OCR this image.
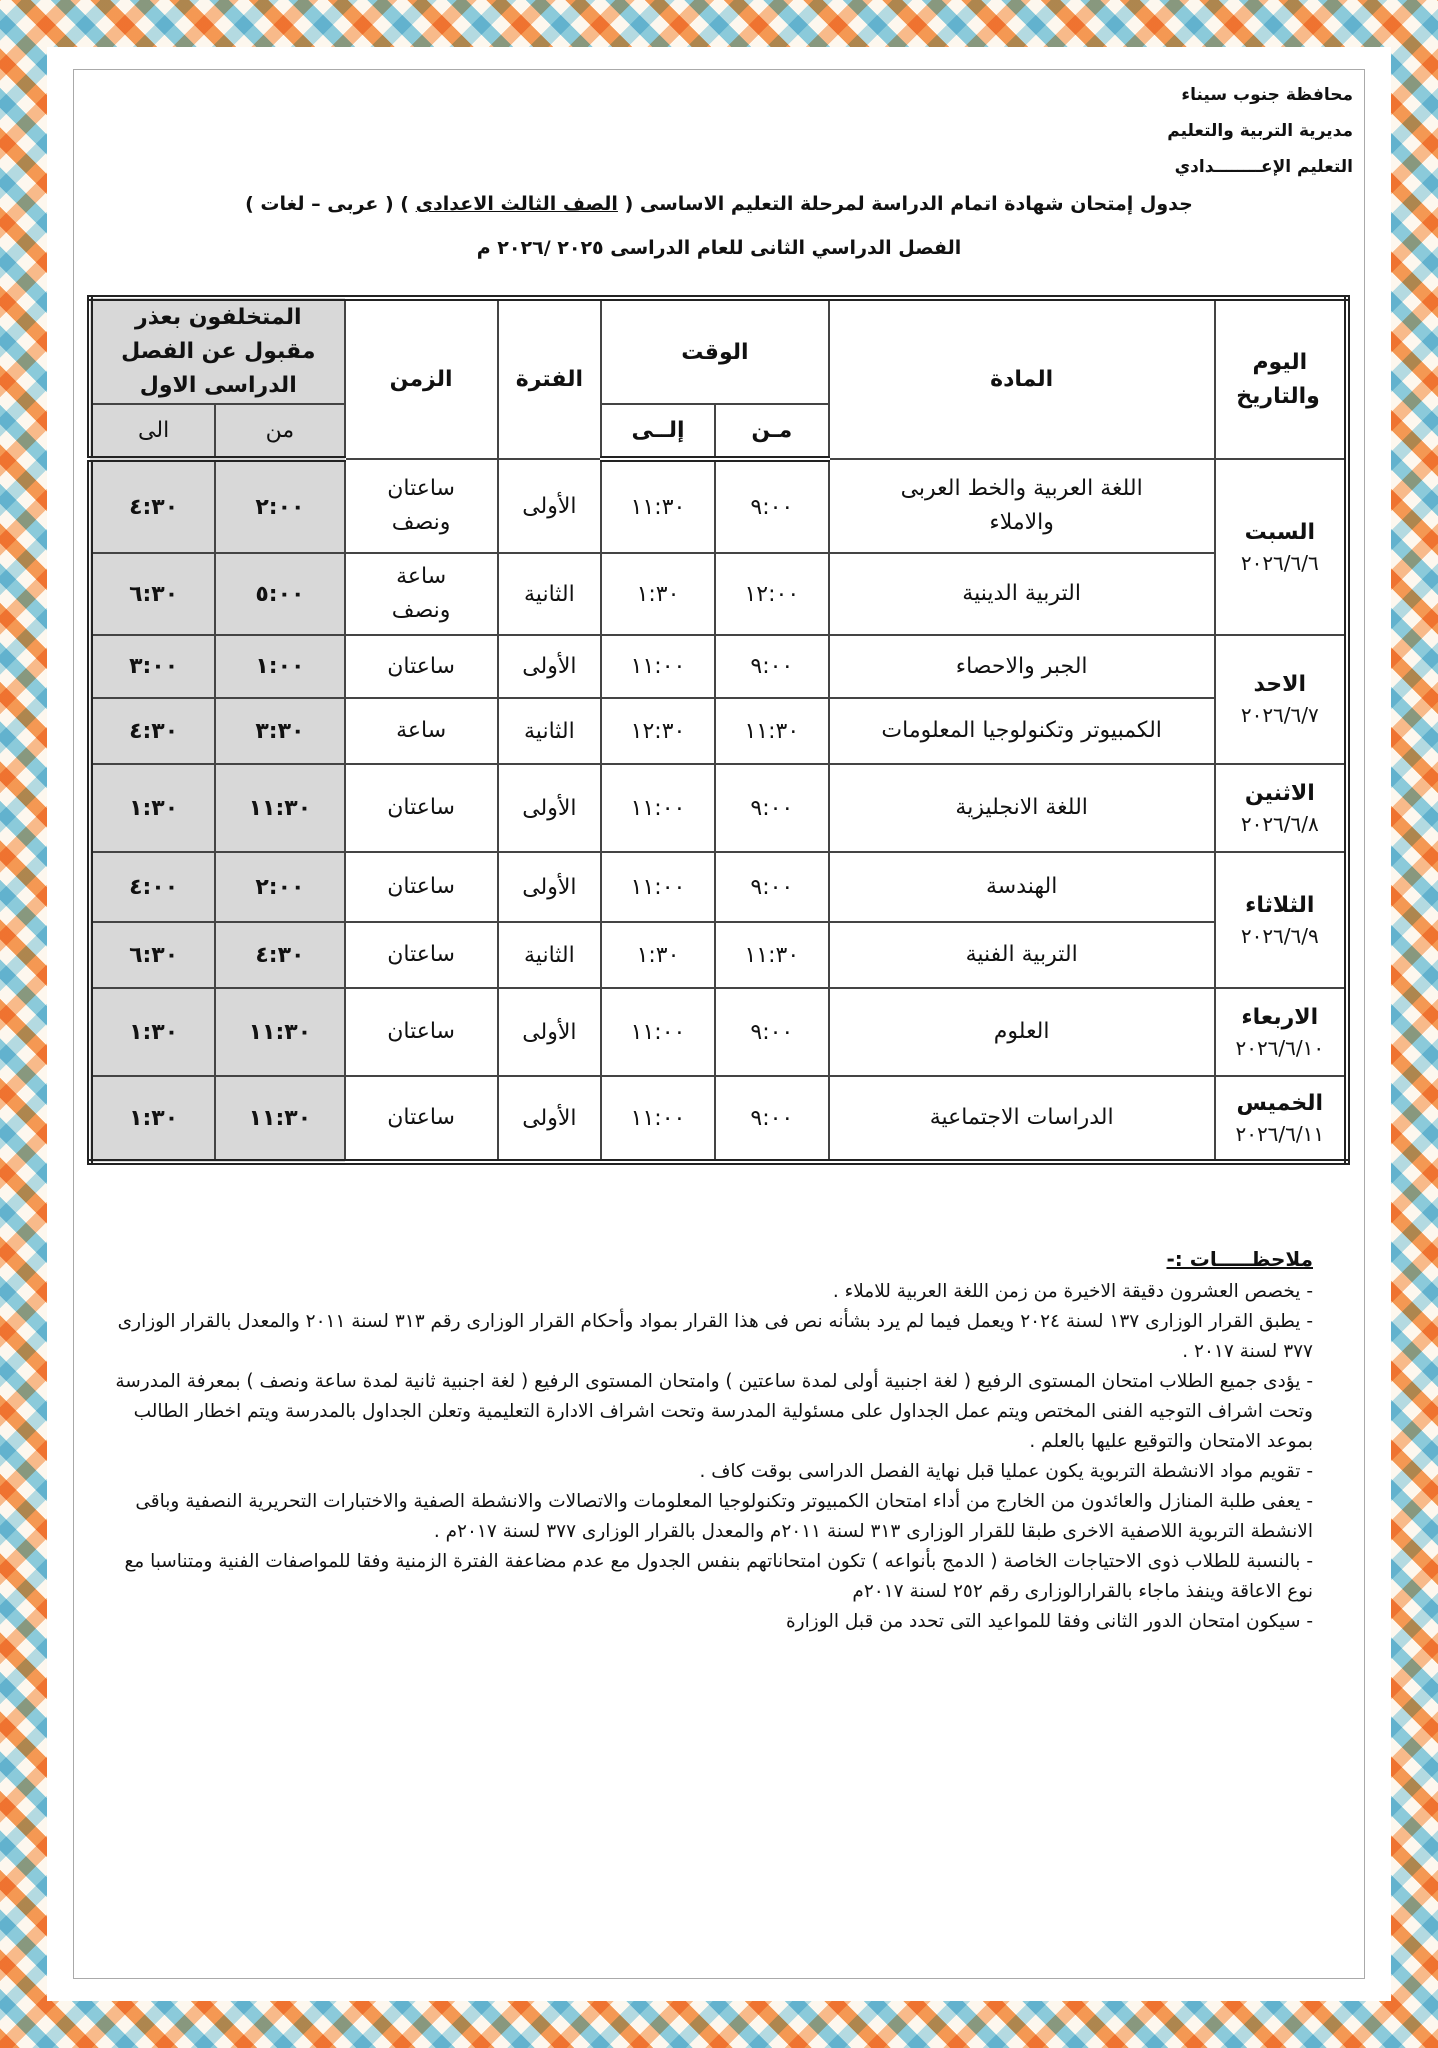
محافظة جنوب سيناء
مديرية التربية والتعليم
التعليم الإعــــــــدادي
جدول إمتحان شهادة اتمام الدراسة لمرحلة التعليم الاساسى ( الصف الثالث الاعدادى ) ( عربى – لغات )
الفصل الدراسي الثانى للعام الدراسى ٢٠٢٥ /٢٠٢٦ م
اليوم والتاريخ	المادة	الوقت		الفترة	الزمن	المتخلفون بعذر مقبول عن الفصل الدراسى الاول	
		مـن	إلــى			من	الى
السبت
٢٠٢٦/٦/٦	اللغة العربية والخط العربى والاملاء	٩:٠٠	١١:٣٠	الأولى	ساعتان ونصف	٢:٠٠	٤:٣٠
	التربية الدينية	١٢:٠٠	١:٣٠	الثانية	ساعة ونصف	٥:٠٠	٦:٣٠
الاحد
٢٠٢٦/٦/٧	الجبر والاحصاء	٩:٠٠	١١:٠٠	الأولى	ساعتان	١:٠٠	٣:٠٠
	الكمبيوتر وتكنولوجيا المعلومات	١١:٣٠	١٢:٣٠	الثانية	ساعة	٣:٣٠	٤:٣٠
الاثنين
٢٠٢٦/٦/٨	اللغة الانجليزية	٩:٠٠	١١:٠٠	الأولى	ساعتان	١١:٣٠	١:٣٠
الثلاثاء
٢٠٢٦/٦/٩	الهندسة	٩:٠٠	١١:٠٠	الأولى	ساعتان	٢:٠٠	٤:٠٠
	التربية الفنية	١١:٣٠	١:٣٠	الثانية	ساعتان	٤:٣٠	٦:٣٠
الاربعاء
٢٠٢٦/٦/١٠	العلوم	٩:٠٠	١١:٠٠	الأولى	ساعتان	١١:٣٠	١:٣٠
الخميس
٢٠٢٦/٦/١١	الدراسات الاجتماعية	٩:٠٠	١١:٠٠	الأولى	ساعتان	١١:٣٠	١:٣٠
ملاحظـــــات :-
- يخصص العشرون دقيقة الاخيرة من زمن اللغة العربية للاملاء .
- يطبق القرار الوزارى ١٣٧ لسنة ٢٠٢٤ ويعمل فيما لم يرد بشأنه نص فى هذا القرار بمواد وأحكام القرار الوزارى رقم ٣١٣ لسنة ٢٠١١ والمعدل بالقرار الوزارى ٣٧٧ لسنة ٢٠١٧ .
- يؤدى جميع الطلاب امتحان المستوى الرفيع ( لغة اجنبية أولى لمدة ساعتين ) وامتحان المستوى الرفيع ( لغة اجنبية ثانية لمدة ساعة ونصف ) بمعرفة المدرسة وتحت اشراف التوجيه الفنى المختص ويتم عمل الجداول على مسئولية المدرسة وتحت اشراف الادارة التعليمية وتعلن الجداول بالمدرسة ويتم اخطار الطالب بموعد الامتحان والتوقيع عليها بالعلم .
- تقويم مواد الانشطة التربوية يكون عمليا قبل نهاية الفصل الدراسى بوقت كاف .
- يعفى طلبة المنازل والعائدون من الخارج من أداء امتحان الكمبيوتر وتكنولوجيا المعلومات والاتصالات والانشطة الصفية والاختبارات التحريرية النصفية وباقى الانشطة التربوية اللاصفية الاخرى طبقا للقرار الوزارى ٣١٣ لسنة ٢٠١١م والمعدل بالقرار الوزارى ٣٧٧ لسنة ٢٠١٧م .
- بالنسبة للطلاب ذوى الاحتياجات الخاصة ( الدمج بأنواعه ) تكون امتحاناتهم بنفس الجدول مع عدم مضاعفة الفترة الزمنية وفقا للمواصفات الفنية ومتناسبا مع نوع الاعاقة وينفذ ماجاء بالقرارالوزارى رقم ٢٥٢ لسنة ٢٠١٧م
- سيكون امتحان الدور الثانى وفقا للمواعيد التى تحدد من قبل الوزارة
